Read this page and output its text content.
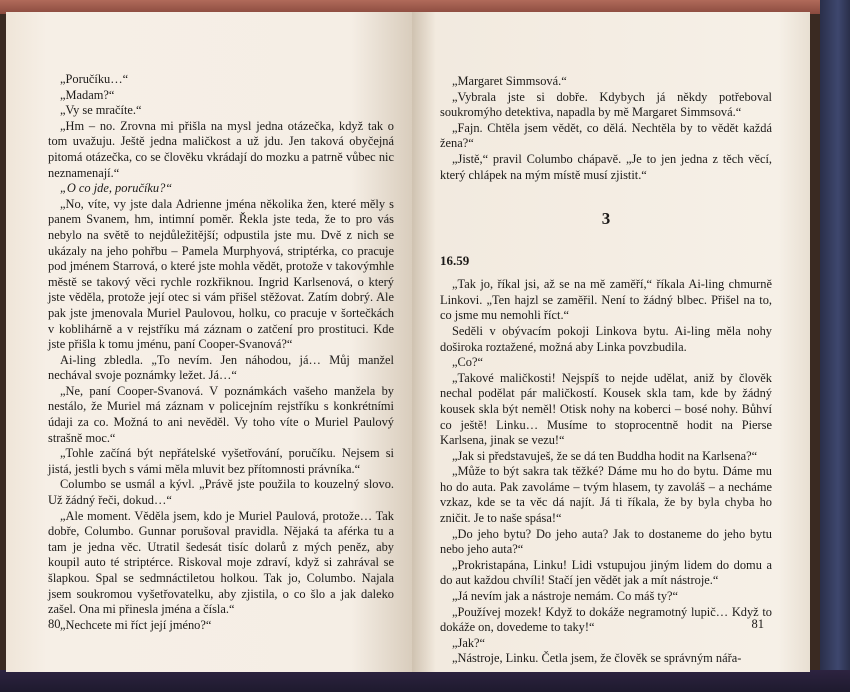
„Poručíku…“

„Madam?“

„Vy se mračíte.“

„Hm – no. Zrovna mi přišla na mysl jedna otázečka, když tak o tom uvažuju. Ještě jedna maličkost a už jdu. Jen taková obyčejná pitomá otázečka, co se člověku vkrádají do mozku a patrně vůbec nic neznamenají.“

„O co jde, poručíku?“

„No, víte, vy jste dala Adrienne jména několika žen, které měly s panem Svanem, hm, intimní poměr. Řekla jste teda, že to pro vás nebylo na světě to nejdůležitější; odpustila jste mu. Dvě z nich se ukázaly na jeho pohřbu – Pamela Murphyová, striptérka, co pracuje pod jménem Starrová, o které jste mohla vědět, protože v takovýmhle městě se takový věci rychle rozkřiknou. Ingrid Karlsenová, o který jste věděla, protože její otec si vám přišel stěžovat. Zatím dobrý. Ale pak jste jmenovala Muriel Paulovou, holku, co pracuje v šortečkách v koblihárně a v rejstříku má záznam o zatčení pro prostituci. Kde jste přišla k tomu jménu, paní Cooper-Svanová?“

Ai-ling zbledla. „To nevím. Jen náhodou, já… Můj manžel nechával svoje poznámky ležet. Já…“

„Ne, paní Cooper-Svanová. V poznámkách vašeho manžela by nestálo, že Muriel má záznam v policejním rejstříku s konkrétními údaji za co. Možná to ani nevěděl. Vy toho víte o Muriel Paulový strašně moc.“

„Tohle začíná být nepřátelské vyšetřování, poručíku. Nejsem si jistá, jestli bych s vámi měla mluvit bez přítomnosti právníka.“

Columbo se usmál a kývl. „Právě jste použila to kouzelný slovo. Už žádný řeči, dokud…“

„Ale moment. Věděla jsem, kdo je Muriel Paulová, protože… Tak dobře, Columbo. Gunnar porušoval pravidla. Nějaká ta aférka tu a tam je jedna věc. Utratil šedesát tisíc dolarů z mých peněz, aby koupil auto té striptérce. Riskoval moje zdraví, když si zahrával se šlapkou. Spal se sedmnáctiletou holkou. Tak jo, Columbo. Najala jsem soukromou vyšetřovatelku, aby zjistila, o co šlo a jak daleko zašel. Ona mi přinesla jména a čísla.“

„Nechcete mi říct její jméno?“

80

„Margaret Simmsová.“

„Vybrala jste si dobře. Kdybych já někdy potřeboval soukromýho detektiva, napadla by mě Margaret Simmsová.“

„Fajn. Chtěla jsem vědět, co dělá. Nechtěla by to vědět každá žena?“

„Jistě,“ pravil Columbo chápavě. „Je to jen jedna z těch věcí, který chlápek na mým místě musí zjistit.“

3
16.59

„Tak jo, říkal jsi, až se na mě zaměří,“ říkala Ai-ling chmurně Linkovi. „Ten hajzl se zaměřil. Není to žádný blbec. Přišel na to, co jsme mu nemohli říct.“

Seděli v obývacím pokoji Linkova bytu. Ai-ling měla nohy doširoka roztažené, možná aby Linka povzbudila.

„Co?“

„Takové maličkosti! Nejspíš to nejde udělat, aniž by člověk nechal podělat pár maličkostí. Kousek skla tam, kde by žádný kousek skla být neměl! Otisk nohy na koberci – bosé nohy. Bůhví co ještě! Linku… Musíme to stoprocentně hodit na Pierse Karlsena, jinak se vezu!“

„Jak si představuješ, že se dá ten Buddha hodit na Karlsena?“

„Může to být sakra tak těžké? Dáme mu ho do bytu. Dáme mu ho do auta. Pak zavoláme – tvým hlasem, ty zavoláš – a necháme vzkaz, kde se ta věc dá najít. Já ti říkala, že by byla chyba ho zničit. Je to naše spása!“

„Do jeho bytu? Do jeho auta? Jak to dostaneme do jeho bytu nebo jeho auta?“

„Prokristapána, Linku! Lidi vstupujou jiným lidem do domu a do aut každou chvíli! Stačí jen vědět jak a mít nástroje.“

„Já nevím jak a nástroje nemám. Co máš ty?“

„Používej mozek! Když to dokáže negramotný lupič… Když to dokáže on, dovedeme to taky!“

„Jak?“

„Nástroje, Linku. Četla jsem, že člověk se správným nářa-

81
